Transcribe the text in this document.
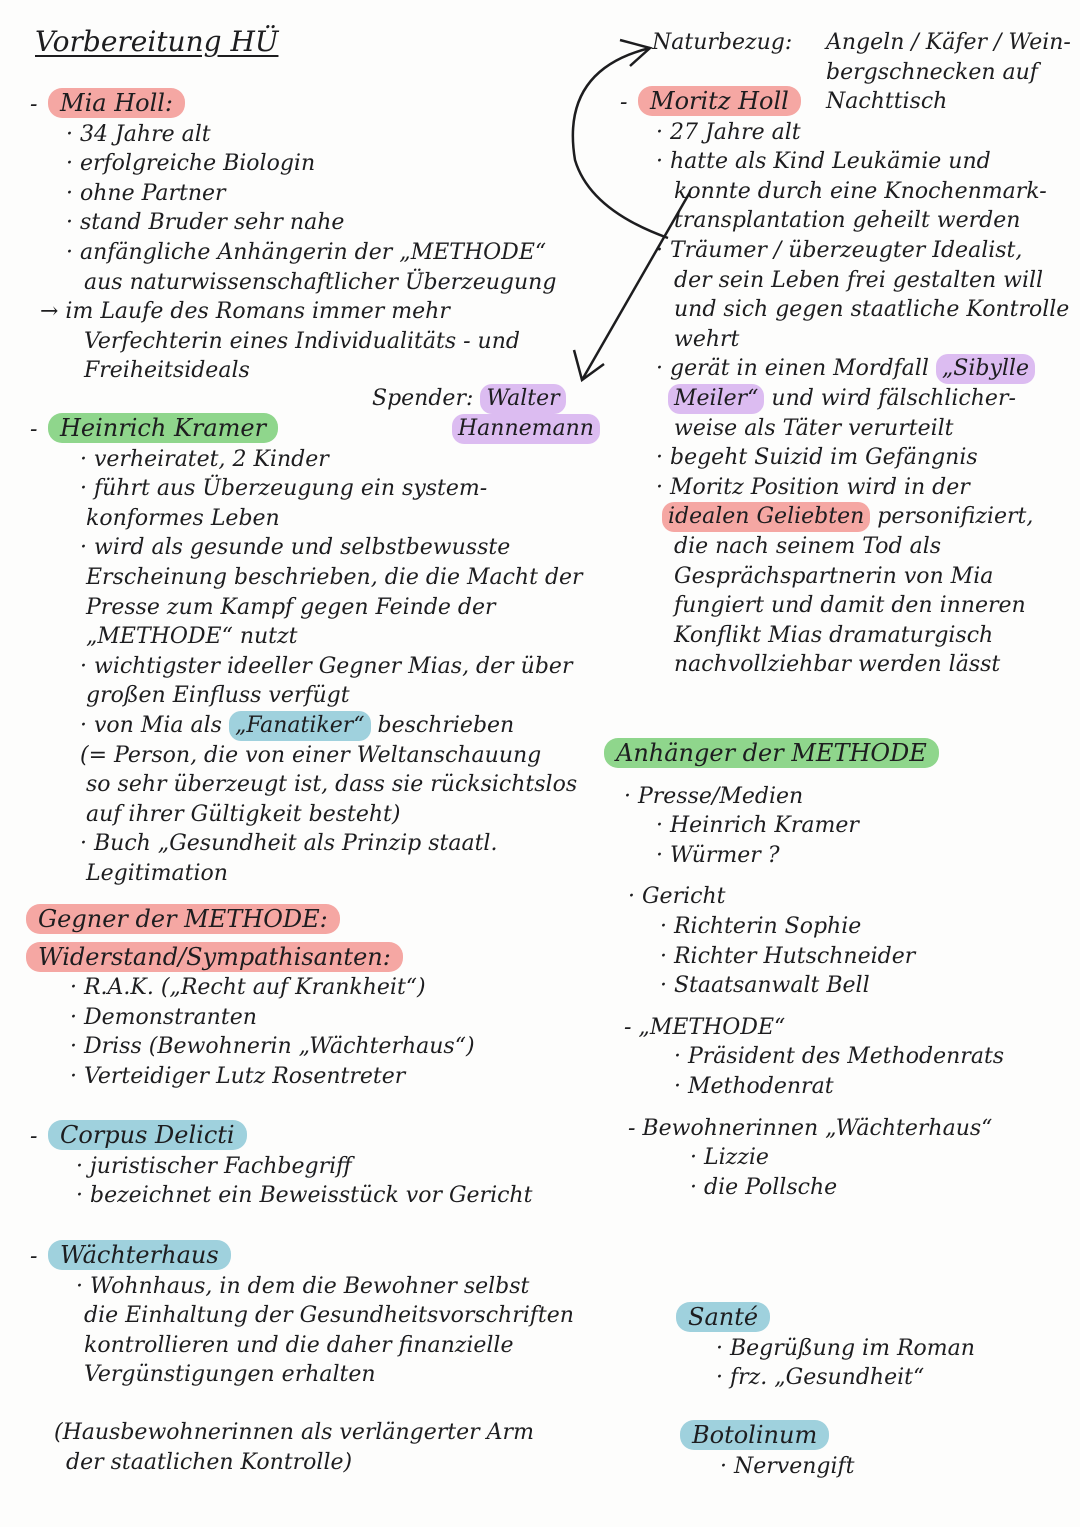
Vorbereitung HÜ
- Mia Holl:
· 34 Jahre alt
· erfolgreiche Biologin
· ohne Partner
· stand Bruder sehr nahe
· anfängliche Anhängerin der „METHODE“
aus naturwissenschaftlicher Überzeugung
→ im Laufe des Romans immer mehr
Verfechterin eines Individualitäts - und
Freiheitsideals
Spender: Walter
Hannemann
- Heinrich Kramer
· verheiratet, 2 Kinder
· führt aus Überzeugung ein system-
konformes Leben
· wird als gesunde und selbstbewusste
Erscheinung beschrieben, die die Macht der
Presse zum Kampf gegen Feinde der
„METHODE“ nutzt
· wichtigster ideeller Gegner Mias, der über
großen Einfluss verfügt
· von Mia als „Fanatiker“ beschrieben
(= Person, die von einer Weltanschauung
so sehr überzeugt ist, dass sie rücksichtslos
auf ihrer Gültigkeit besteht)
· Buch „Gesundheit als Prinzip staatl.
Legitimation
Gegner der METHODE:
Widerstand/Sympathisanten:
· R.A.K. („Recht auf Krankheit“)
· Demonstranten
· Driss (Bewohnerin „Wächterhaus“)
· Verteidiger Lutz Rosentreter
- Corpus Delicti
· juristischer Fachbegriff
· bezeichnet ein Beweisstück vor Gericht
- Wächterhaus
· Wohnhaus, in dem die Bewohner selbst
die Einhaltung der Gesundheitsvorschriften
kontrollieren und die daher finanzielle
Vergünstigungen erhalten
(Hausbewohnerinnen als verlängerter Arm
der staatlichen Kontrolle)
Naturbezug: Angeln / Käfer / Wein-
bergschnecken auf
Nachttisch
- Moritz Holl
· 27 Jahre alt
· hatte als Kind Leukämie und
konnte durch eine Knochenmark-
transplantation geheilt werden
· Träumer / überzeugter Idealist,
der sein Leben frei gestalten will
und sich gegen staatliche Kontrolle
wehrt
· gerät in einen Mordfall „Sibylle
Meiler“ und wird fälschlicher-
weise als Täter verurteilt
· begeht Suizid im Gefängnis
· Moritz Position wird in der
idealen Geliebten personifiziert,
die nach seinem Tod als
Gesprächspartnerin von Mia
fungiert und damit den inneren
Konflikt Mias dramaturgisch
nachvollziehbar werden lässt
Anhänger der METHODE
· Presse/Medien
· Heinrich Kramer
· Würmer ?
· Gericht
· Richterin Sophie
· Richter Hutschneider
· Staatsanwalt Bell
- „METHODE“
· Präsident des Methodenrats
· Methodenrat
- Bewohnerinnen „Wächterhaus“
· Lizzie
· die Pollsche
Santé
· Begrüßung im Roman
· frz. „Gesundheit“
Botolinum
· Nervengift
